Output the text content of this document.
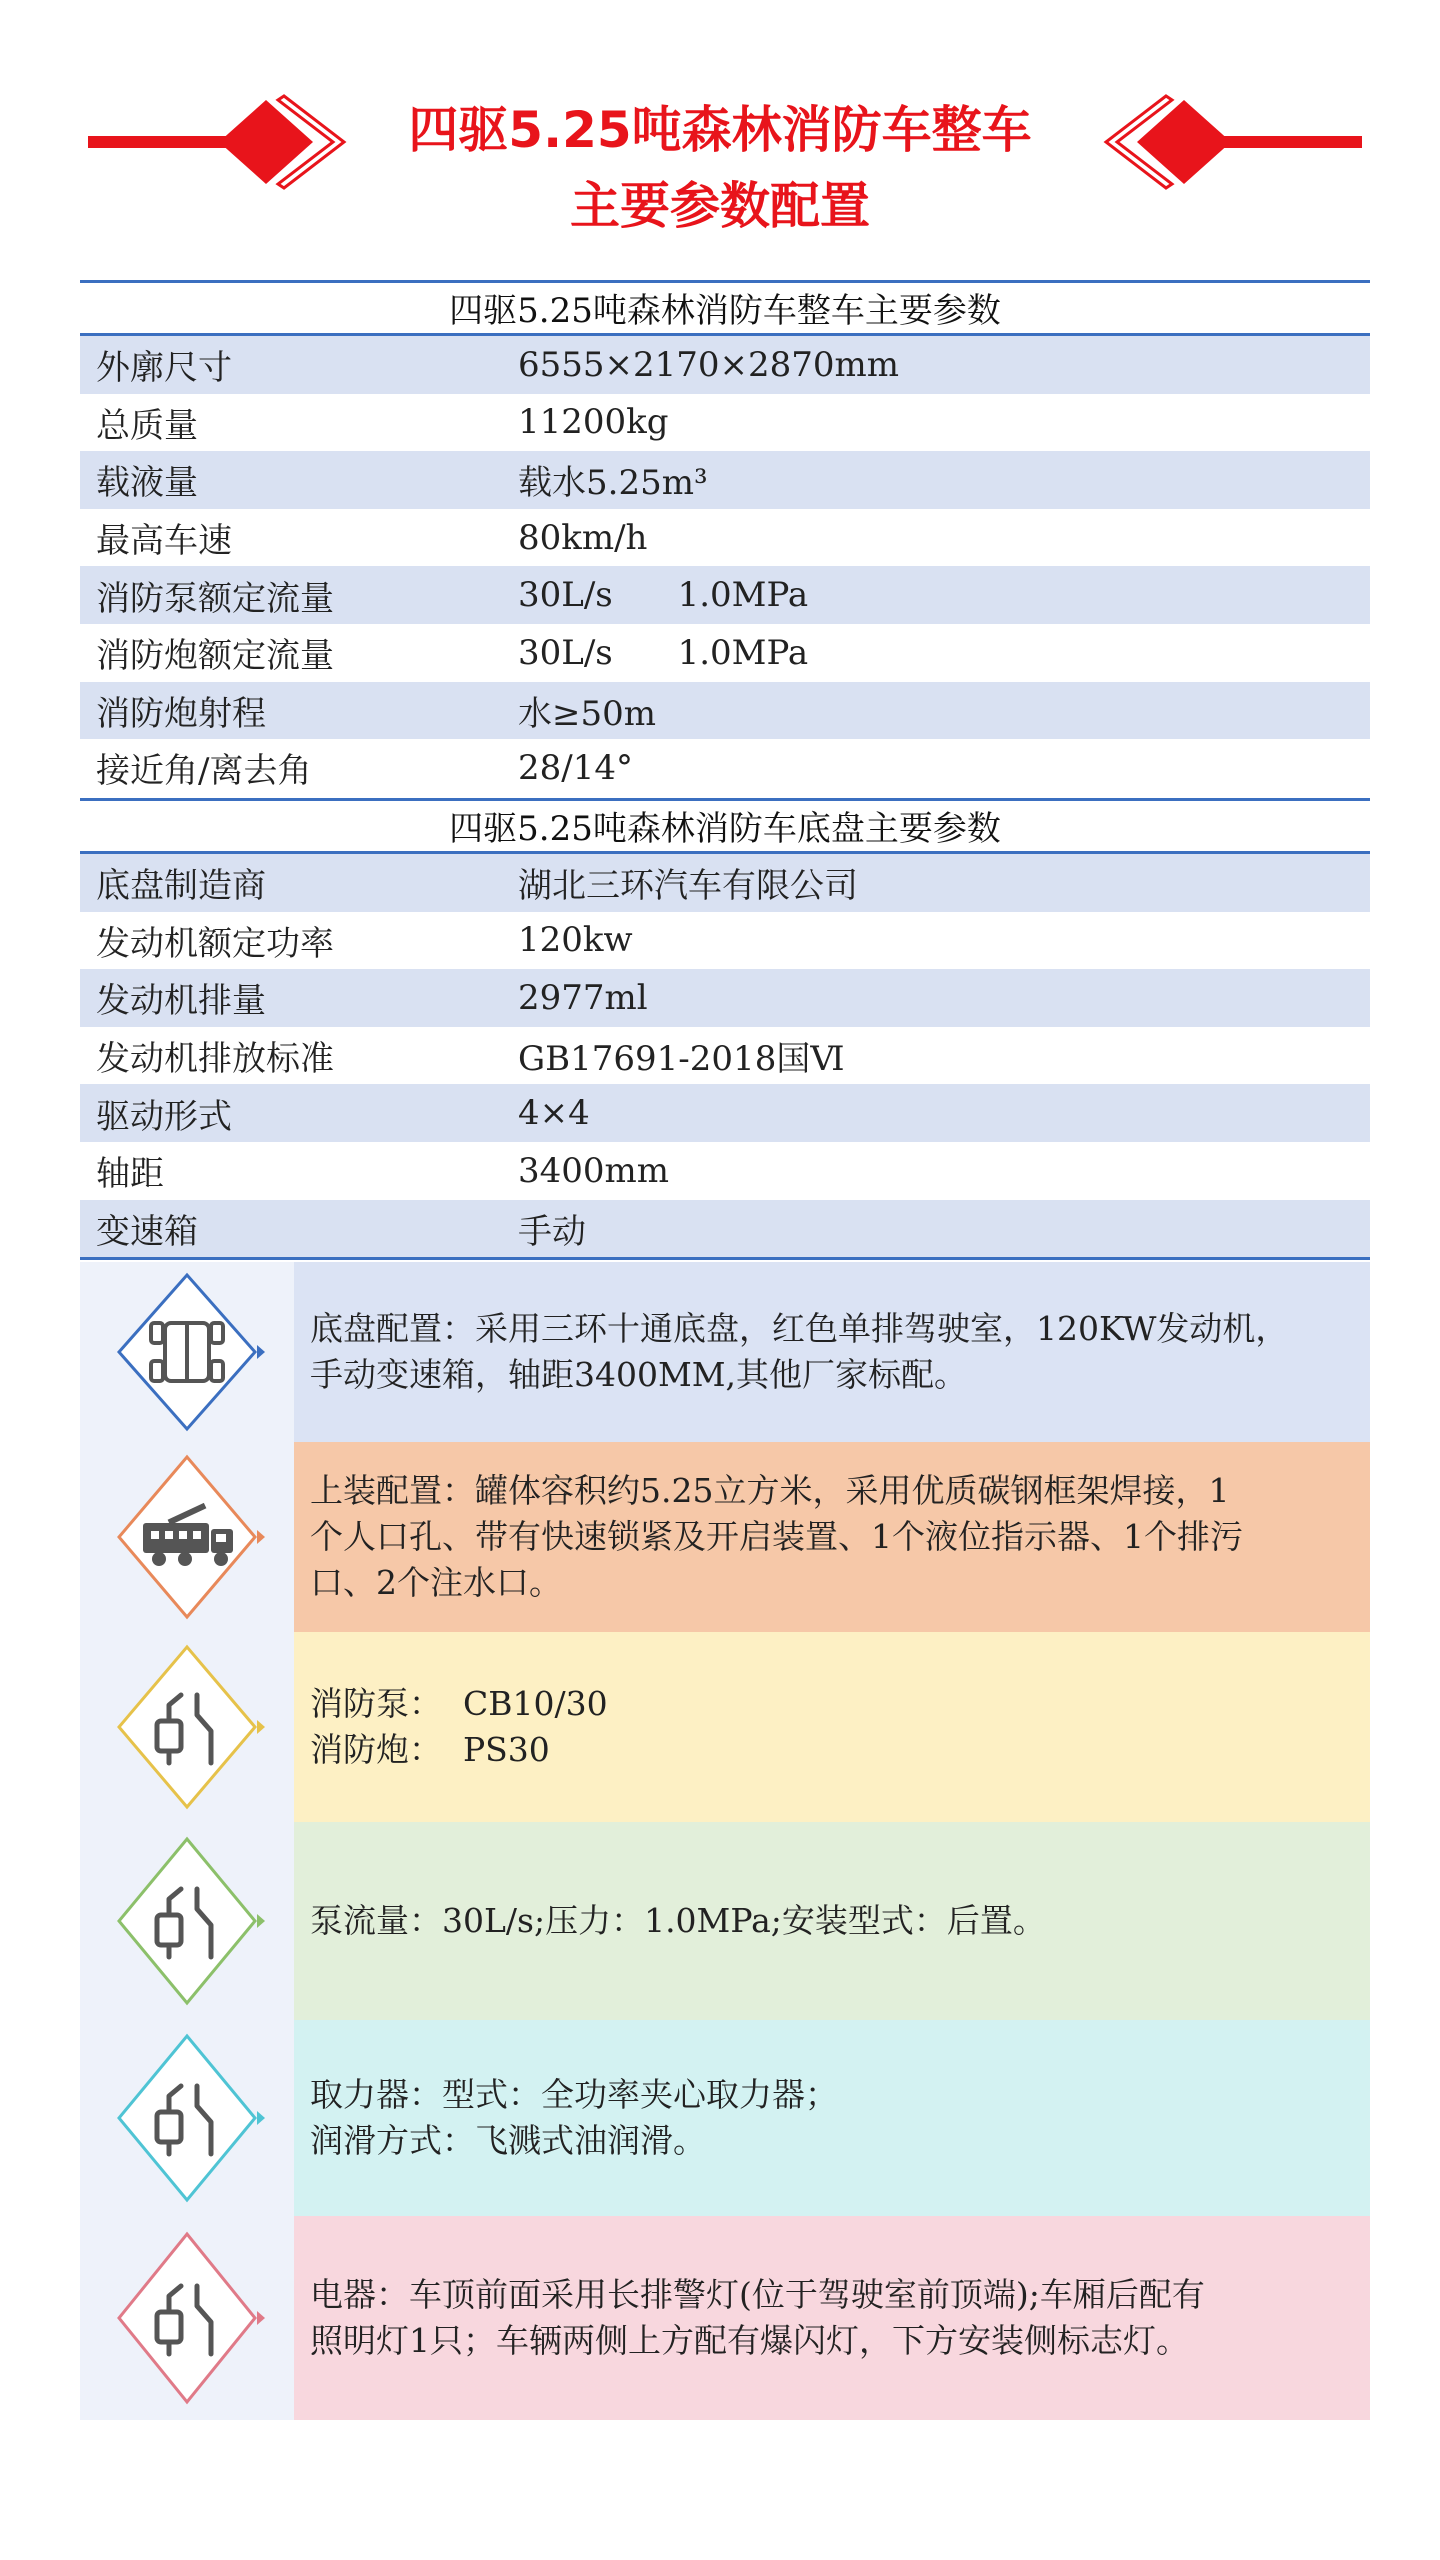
四驱5.25吨森林消防车整车
主要参数配置
四驱5.25吨森林消防车整车主要参数
外廓尺寸	6555×2170×2870mm
总质量	11200kg
载液量	载水5.25m³
最高车速	80km/h
消防泵额定流量	30L/s      1.0MPa
消防炮额定流量	30L/s      1.0MPa
消防炮射程	水≥50m
接近角/离去角	28/14°
四驱5.25吨森林消防车底盘主要参数
底盘制造商	湖北三环汽车有限公司
发动机额定功率	120kw
发动机排量	2977ml
发动机排放标准	GB17691-2018国Ⅵ
驱动形式	4×4
轴距	3400mm
变速箱	手动
底盘配置：采用三环十通底盘，红色单排驾驶室，120KW发动机，
手动变速箱，轴距3400MM,其他厂家标配。
上装配置：罐体容积约5.25立方米，采用优质碳钢框架焊接，1
个人口孔、带有快速锁紧及开启装置、1个液位指示器、1个排污
口、2个注水口。
消防泵：  CB10/30
消防炮：  PS30
泵流量：30L/s;压力：1.0MPa;安装型式：后置。
取力器：型式：全功率夹心取力器；
润滑方式：飞溅式油润滑。
电器：车顶前面采用长排警灯(位于驾驶室前顶端);车厢后配有
照明灯1只；车辆两侧上方配有爆闪灯，下方安装侧标志灯。
